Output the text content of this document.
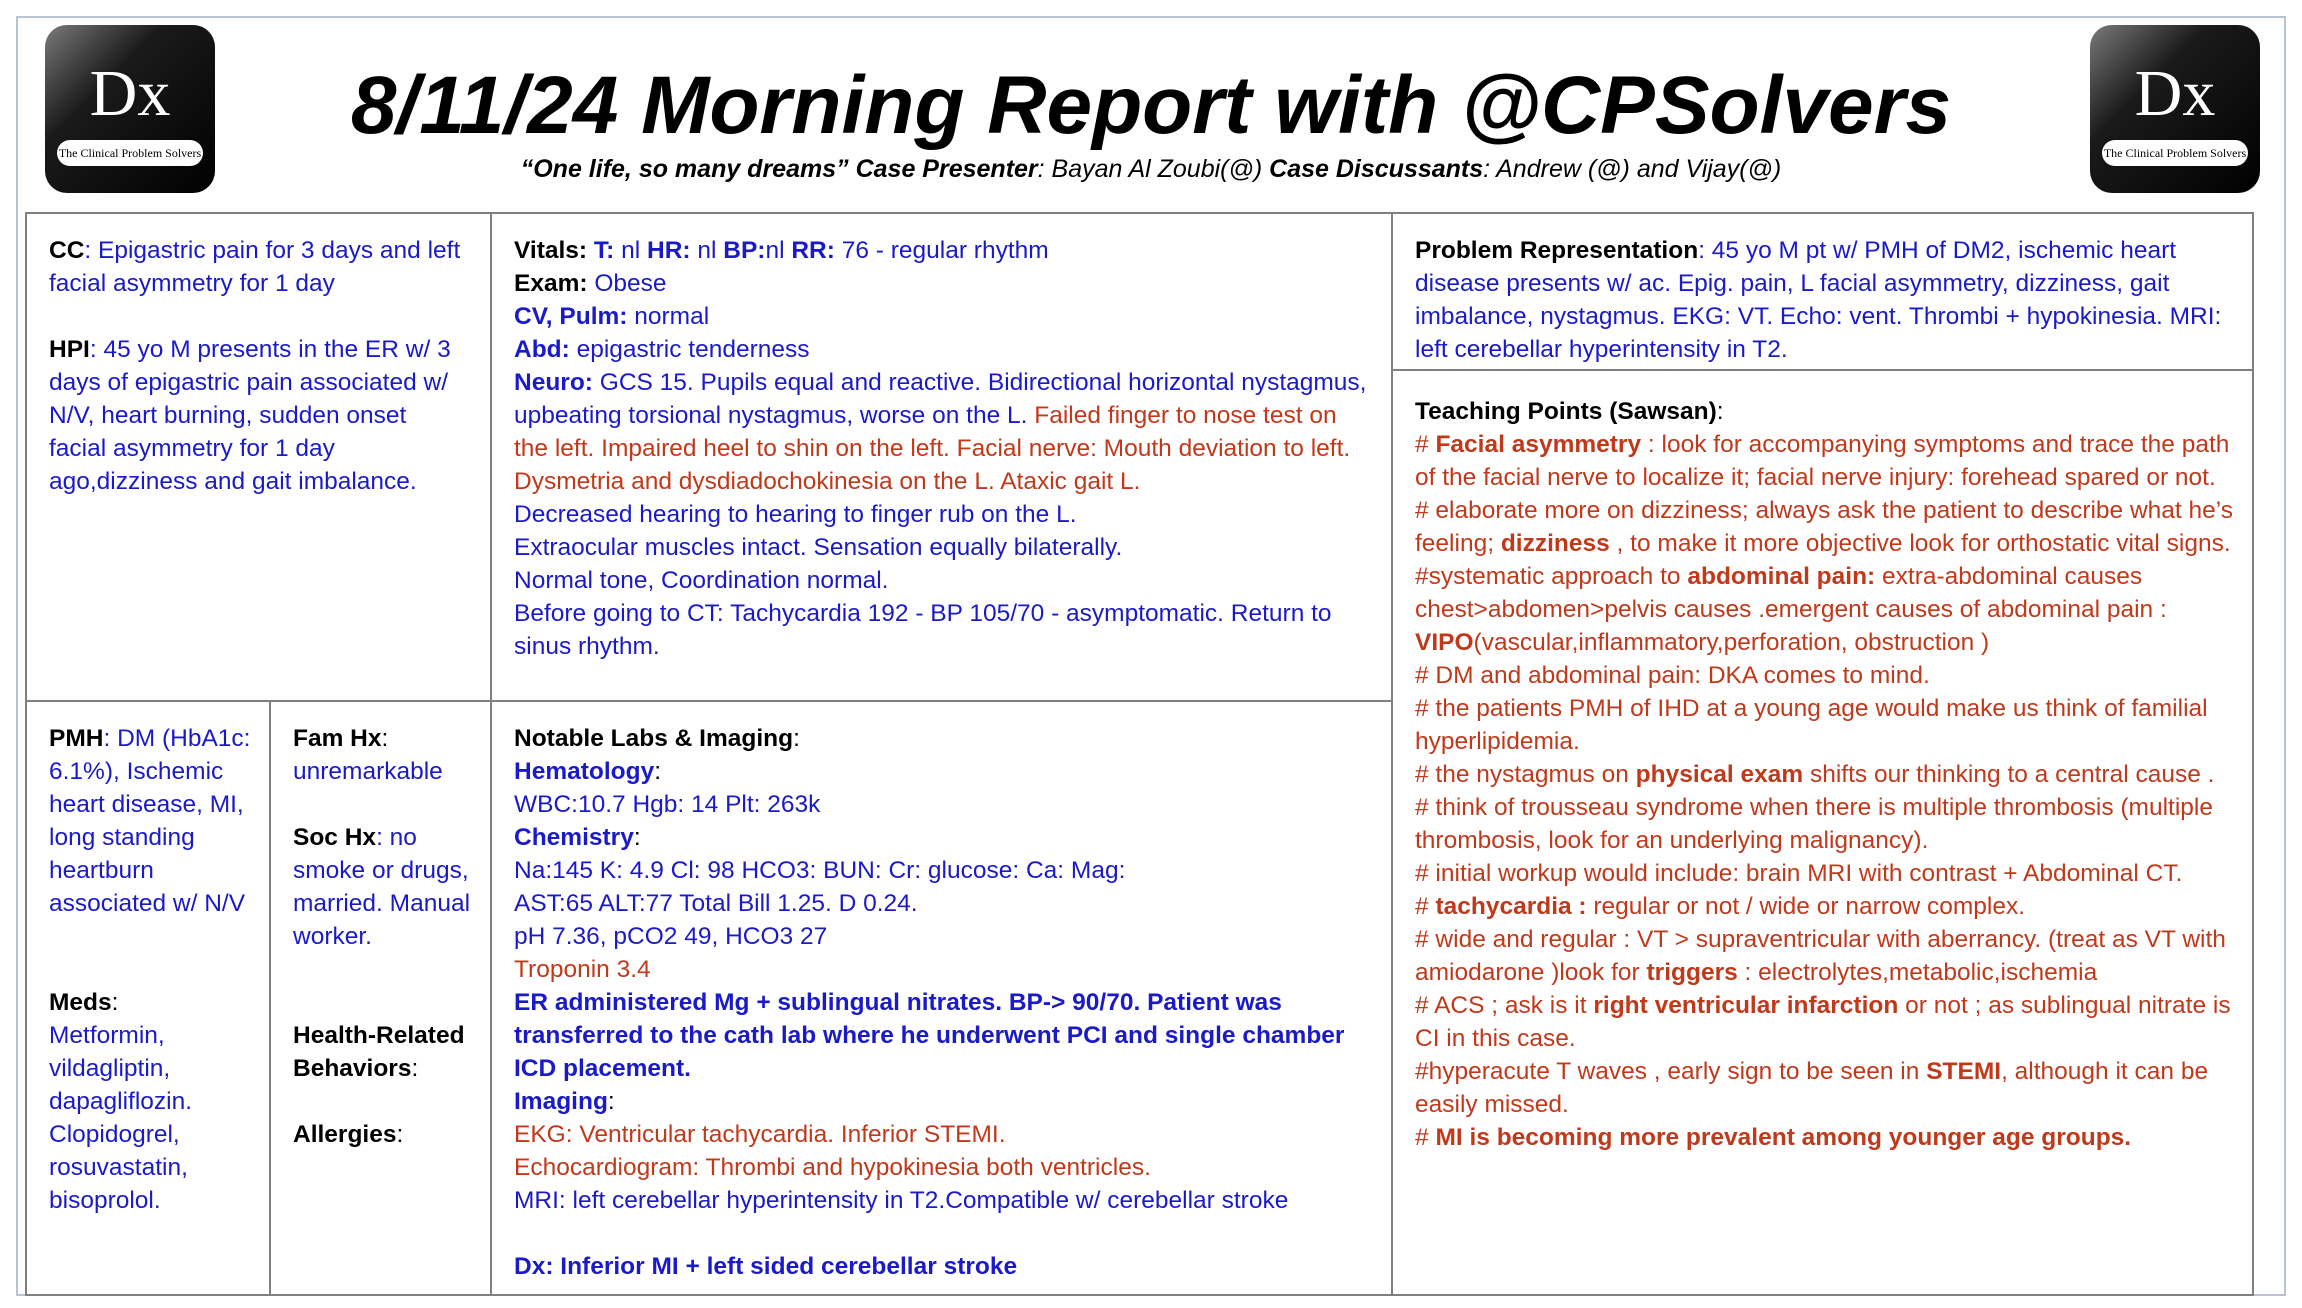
Dx
The Clinical Problem Solvers
Dx
The Clinical Problem Solvers
8/11/24 Morning Report with @CPSolvers
“One life, so many dreams” Case Presenter: Bayan Al Zoubi(@) Case Discussants: Andrew (@) and Vijay(@)

CC: Epigastric pain for 3 days and left facial asymmetry for 1 day

HPI: 45 yo M presents in the ER w/ 3 days of epigastric pain associated w/ N/V, heart burning, sudden onset facial asymmetry for 1 day ago,dizziness and gait imbalance.

Vitals: T: nl HR: nl BP:nl RR: 76 - regular rhythm

Exam: Obese

CV, Pulm: normal

Abd: epigastric tenderness

Neuro: GCS 15. Pupils equal and reactive. Bidirectional horizontal nystagmus, upbeating torsional nystagmus, worse on the L. Failed finger to nose test on the left. Impaired heel to shin on the left. Facial nerve: Mouth deviation to left. Dysmetria and dysdiadochokinesia on the L. Ataxic gait L.

Decreased hearing to hearing to finger rub on the L.

Extraocular muscles intact. Sensation equally bilaterally.

Normal tone, Coordination normal.

Before going to CT: Tachycardia 192 - BP 105/70 - asymptomatic. Return to sinus rhythm.

PMH: DM (HbA1c: 6.1%), Ischemic heart disease, MI, long standing heartburn associated w/ N/V

Meds:

Metformin, vildagliptin, dapagliflozin. Clopidogrel, rosuvastatin, bisoprolol.

Fam Hx:

unremarkable

Soc Hx: no smoke or drugs, married. Manual worker.

Health-Related Behaviors:

Allergies:

Notable Labs & Imaging:

Hematology:

WBC:10.7 Hgb: 14 Plt: 263k

Chemistry:

Na:145 K: 4.9 Cl: 98 HCO3: BUN: Cr: glucose: Ca: Mag:

AST:65 ALT:77 Total Bill 1.25. D 0.24.

pH 7.36, pCO2 49, HCO3 27

Troponin 3.4

ER administered Mg + sublingual nitrates. BP-> 90/70. Patient was transferred to the cath lab where he underwent PCI and single chamber ICD placement.

Imaging:

EKG: Ventricular tachycardia. Inferior STEMI.

Echocardiogram: Thrombi and hypokinesia both ventricles.

MRI: left cerebellar hyperintensity in T2.Compatible w/ cerebellar stroke

Dx: Inferior MI + left sided cerebellar stroke

Problem Representation: 45 yo M pt w/ PMH of DM2, ischemic heart disease presents w/ ac. Epig. pain, L facial asymmetry, dizziness, gait imbalance, nystagmus. EKG: VT. Echo: vent. Thrombi + hypokinesia. MRI: left cerebellar hyperintensity in T2.

Teaching Points (Sawsan):

# Facial asymmetry : look for accompanying symptoms and trace the path of the facial nerve to localize it; facial nerve injury: forehead spared or not.

# elaborate more on dizziness; always ask the patient to describe what he’s feeling; dizziness , to make it more objective look for orthostatic vital signs.

#systematic approach to abdominal pain: extra-abdominal causes chest>abdomen>pelvis causes .emergent causes of abdominal pain : VIPO(vascular,inflammatory,perforation, obstruction )

# DM and abdominal pain: DKA comes to mind.

# the patients PMH of IHD at a young age would make us think of familial hyperlipidemia.

# the nystagmus on physical exam shifts our thinking to a central cause .

# think of trousseau syndrome when there is multiple thrombosis (multiple thrombosis, look for an underlying malignancy).

# initial workup would include: brain MRI with contrast + Abdominal CT.

# tachycardia : regular or not / wide or narrow complex.

# wide and regular : VT > supraventricular with aberrancy. (treat as VT with amiodarone )look for triggers : electrolytes,metabolic,ischemia

# ACS ; ask is it right ventricular infarction or not ; as sublingual nitrate is CI in this case.

#hyperacute T waves , early sign to be seen in STEMI, although it can be easily missed.

# MI is becoming more prevalent among younger age groups.
